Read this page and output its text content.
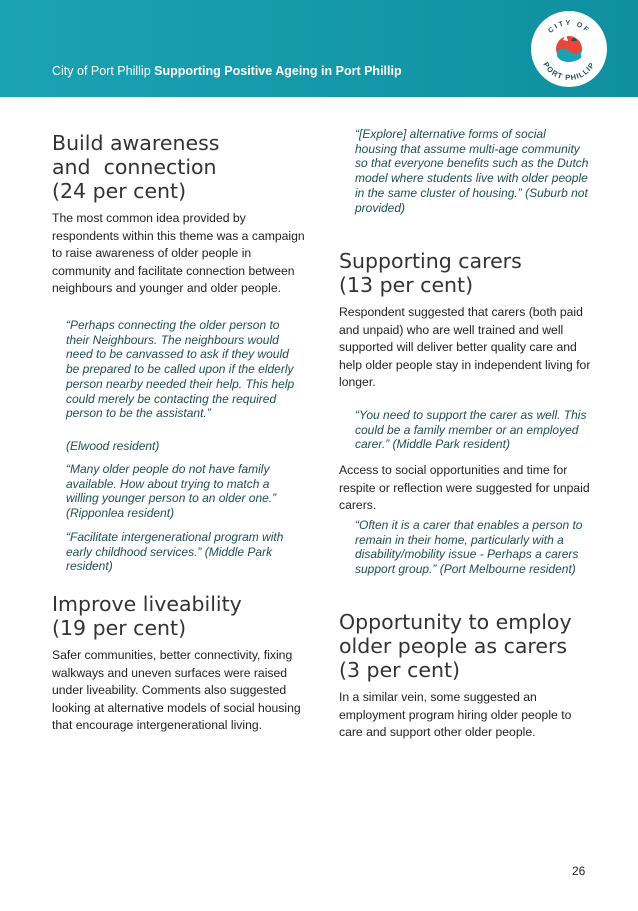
City of Port Phillip Supporting Positive Ageing in Port Phillip
CITY OF
PORT PHILLIP
Build awareness
and  connection
(24 per cent)

The most common idea provided by respondents within this theme was a campaign to raise awareness of older people in community and facilitate connection between neighbours and younger and older people.

“Perhaps connecting the older person to their Neighbours. The neighbours would need to be canvassed to ask if they would be prepared to be called upon if the elderly person nearby needed their help. This help could merely be contacting the required person to be the assistant.”

(Elwood resident)

“Many older people do not have family available. How about trying to match a willing younger person to an older one.” (Ripponlea resident)

“Facilitate intergenerational program with early childhood services.” (Middle Park resident)

Improve liveability
(19 per cent)

Safer communities, better connectivity, fixing walkways and uneven surfaces were raised under liveability. Comments also suggested looking at alternative models of social housing that encourage intergenerational living.

“[Explore] alternative forms of social housing that assume multi-age community so that everyone benefits such as the Dutch model where students live with older people in the same cluster of housing.” (Suburb not provided)

Supporting carers
(13 per cent)

Respondent suggested that carers (both paid and unpaid) who are well trained and well supported will deliver better quality care and help older people stay in independent living for longer.

“You need to support the carer as well. This could be a family member or an employed carer.” (Middle Park resident)

Access to social opportunities and time for respite or reflection were suggested for unpaid carers.

“Often it is a carer that enables a person to remain in their home, particularly with a disability/mobility issue - Perhaps a carers support group.” (Port Melbourne resident)

Opportunity to employ
older people as carers
(3 per cent)

In a similar vein, some suggested an employment program hiring older people to care and support other older people.

26
